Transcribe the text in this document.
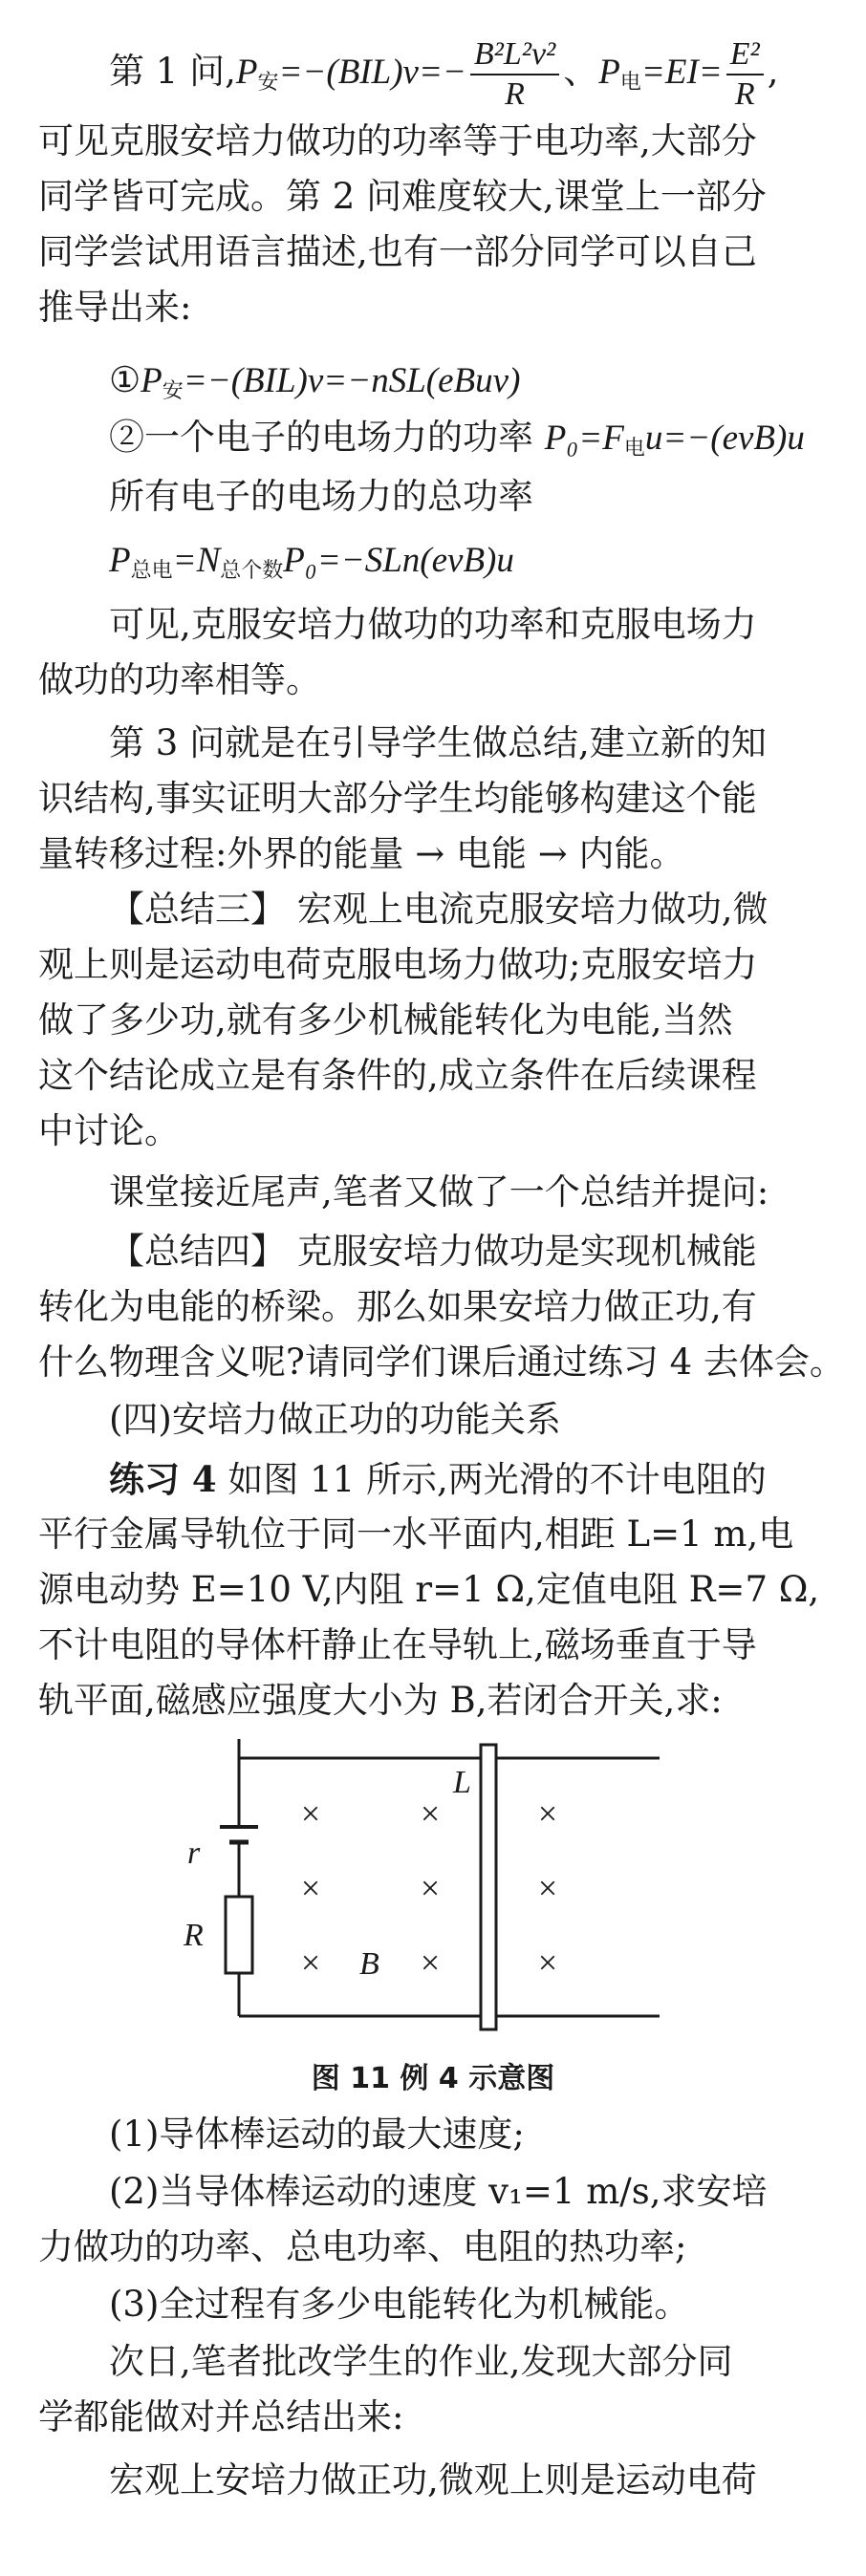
第 1 问$,P_安=-(BIL)v=- \frac{\text{B²L²v²}}{R}$ 、$P_电=EI= \frac{\text{E²}}{R}$ ,
可见克服安培力做功的功率等于电功率,大部分
同学皆可完成。第 2 问难度较大,课堂上一部分
同学尝试用语言描述,也有一部分同学可以自己
推导出来:
$①P_安=-(BIL)v=-nSL(eBuv)$
②一个电子的电场力的功率 $P_0=F_电u=-(evB)u$
所有电子的电场力的总功率
$P_{总电}=N_{总个数}P_0=-SLn(evB)u$
可见,克服安培力做功的功率和克服电场力
做功的功率相等。
第 3 问就是在引导学生做总结,建立新的知
识结构,事实证明大部分学生均能够构建这个能
量转移过程:外界的能量 → 电能 → 内能。
【总结三】 宏观上电流克服安培力做功,微
观上则是运动电荷克服电场力做功;克服安培力
做了多少功,就有多少机械能转化为电能,当然
这个结论成立是有条件的,成立条件在后续课程
中讨论。
课堂接近尾声,笔者又做了一个总结并提问:
【总结四】 克服安培力做功是实现机械能
转化为电能的桥梁。那么如果安培力做正功,有
什么物理含义呢?请同学们课后通过练习 4 去体会。
(四)安培力做正功的功能关系
练习 4 如图 11 所示,两光滑的不计电阻的
平行金属导轨位于同一水平面内,相距 L=1 m,电
源电动势 E=10 V,内阻 r=1 Ω,定值电阻 R=7 Ω,
不计电阻的导体杆静止在导轨上,磁场垂直于导
轨平面,磁感应强度大小为 B,若闭合开关,求:
r
R
B
L
×	×	×
×	×	×
×	×	×
图 11 例 4 示意图
(1)导体棒运动的最大速度;
(2)当导体棒运动的速度 v₁=1 m/s,求安培
力做功的功率、总电功率、电阻的热功率;
(3)全过程有多少电能转化为机械能。
次日,笔者批改学生的作业,发现大部分同
学都能做对并总结出来:
宏观上安培力做正功,微观上则是运动电荷
